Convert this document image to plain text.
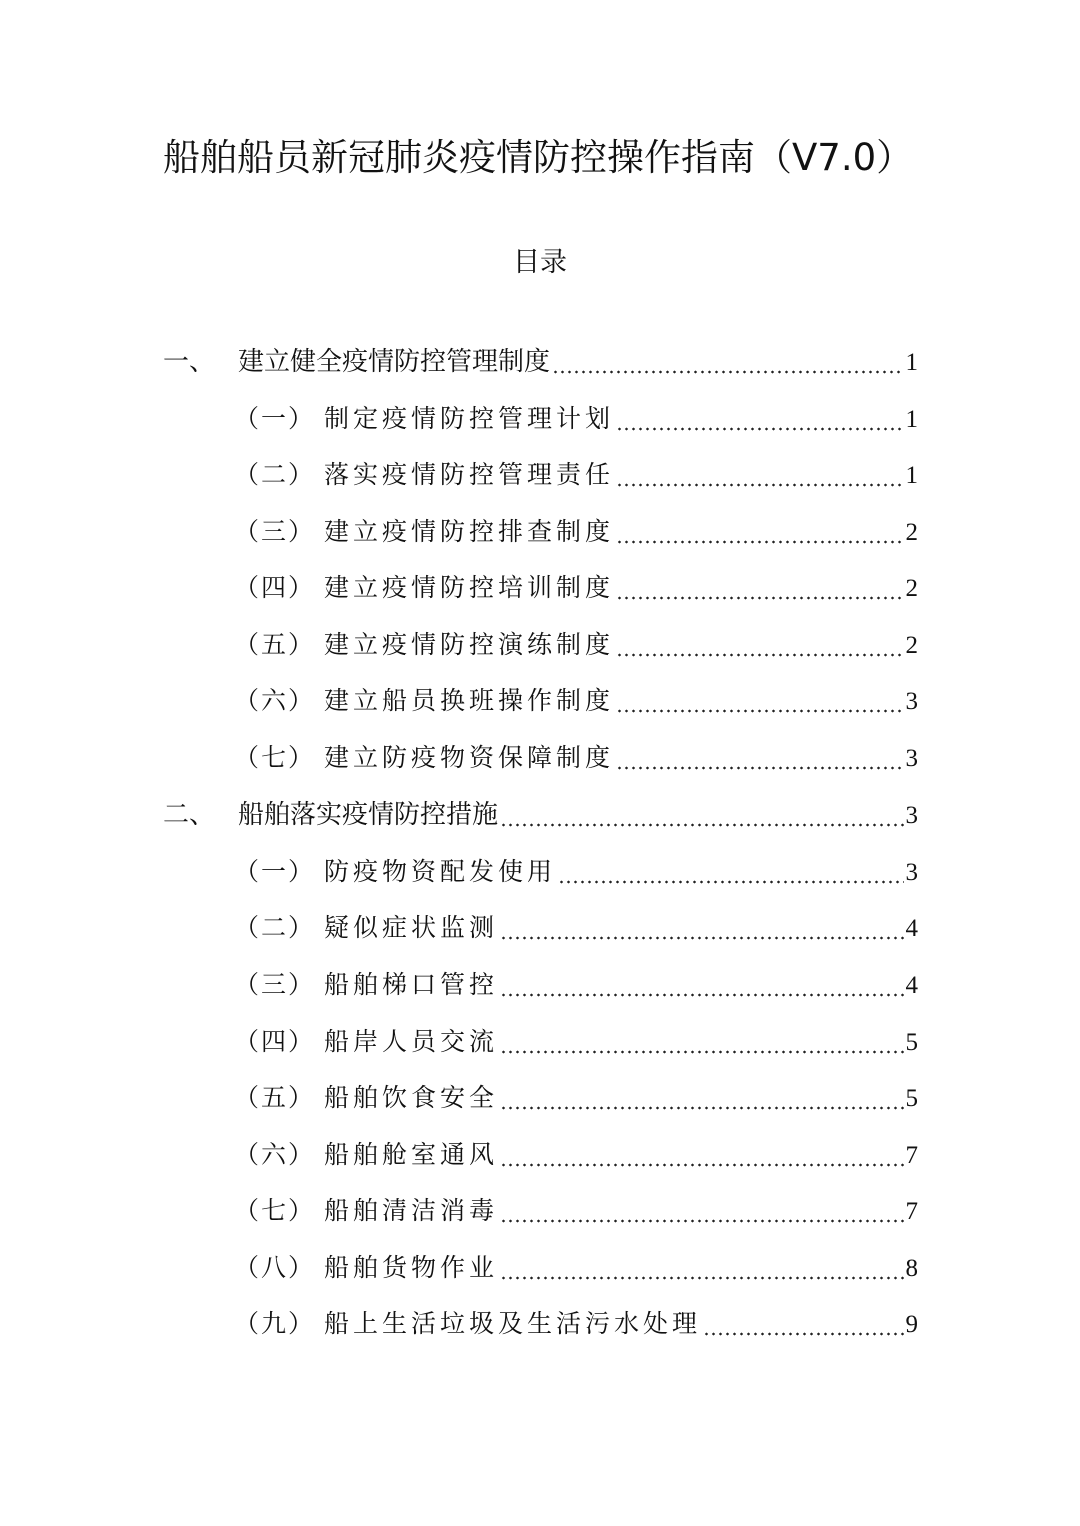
船舶船员新冠肺炎疫情防控操作指南（V7.0）
目录
一、 建立健全疫情防控管理制度	1
（一） 制定疫情防控管理计划	1
（二） 落实疫情防控管理责任	1
（三） 建立疫情防控排查制度	2
（四） 建立疫情防控培训制度	2
（五） 建立疫情防控演练制度	2
（六） 建立船员换班操作制度	3
（七） 建立防疫物资保障制度	3
二、 船舶落实疫情防控措施	3
（一） 防疫物资配发使用	3
（二） 疑似症状监测	4
（三） 船舶梯口管控	4
（四） 船岸人员交流	5
（五） 船舶饮食安全	5
（六） 船舶舱室通风	7
（七） 船舶清洁消毒	7
（八） 船舶货物作业	8
（九） 船上生活垃圾及生活污水处理	9
